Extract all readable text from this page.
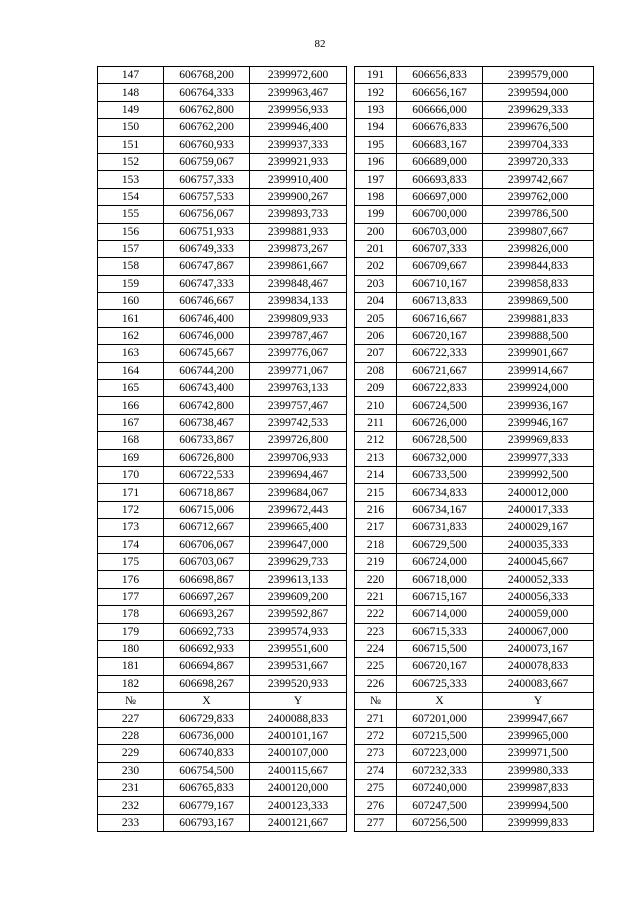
82
147	606768,200	2399972,600		191	606656,833	2399579,000
148	606764,333	2399963,467		192	606656,167	2399594,000
149	606762,800	2399956,933		193	606666,000	2399629,333
150	606762,200	2399946,400		194	606676,833	2399676,500
151	606760,933	2399937,333		195	606683,167	2399704,333
152	606759,067	2399921,933		196	606689,000	2399720,333
153	606757,333	2399910,400		197	606693,833	2399742,667
154	606757,533	2399900,267		198	606697,000	2399762,000
155	606756,067	2399893,733		199	606700,000	2399786,500
156	606751,933	2399881,933		200	606703,000	2399807,667
157	606749,333	2399873,267		201	606707,333	2399826,000
158	606747,867	2399861,667		202	606709,667	2399844,833
159	606747,333	2399848,467		203	606710,167	2399858,833
160	606746,667	2399834,133		204	606713,833	2399869,500
161	606746,400	2399809,933		205	606716,667	2399881,833
162	606746,000	2399787,467		206	606720,167	2399888,500
163	606745,667	2399776,067		207	606722,333	2399901,667
164	606744,200	2399771,067		208	606721,667	2399914,667
165	606743,400	2399763,133		209	606722,833	2399924,000
166	606742,800	2399757,467		210	606724,500	2399936,167
167	606738,467	2399742,533		211	606726,000	2399946,167
168	606733,867	2399726,800		212	606728,500	2399969,833
169	606726,800	2399706,933		213	606732,000	2399977,333
170	606722,533	2399694,467		214	606733,500	2399992,500
171	606718,867	2399684,067		215	606734,833	2400012,000
172	606715,006	2399672,443		216	606734,167	2400017,333
173	606712,667	2399665,400		217	606731,833	2400029,167
174	606706,067	2399647,000		218	606729,500	2400035,333
175	606703,067	2399629,733		219	606724,000	2400045,667
176	606698,867	2399613,133		220	606718,000	2400052,333
177	606697,267	2399609,200		221	606715,167	2400056,333
178	606693,267	2399592,867		222	606714,000	2400059,000
179	606692,733	2399574,933		223	606715,333	2400067,000
180	606692,933	2399551,600		224	606715,500	2400073,167
181	606694,867	2399531,667		225	606720,167	2400078,833
182	606698,267	2399520,933		226	606725,333	2400083,667
№	X	Y		№	X	Y
227	606729,833	2400088,833		271	607201,000	2399947,667
228	606736,000	2400101,167		272	607215,500	2399965,000
229	606740,833	2400107,000		273	607223,000	2399971,500
230	606754,500	2400115,667		274	607232,333	2399980,333
231	606765,833	2400120,000		275	607240,000	2399987,833
232	606779,167	2400123,333		276	607247,500	2399994,500
233	606793,167	2400121,667		277	607256,500	2399999,833
